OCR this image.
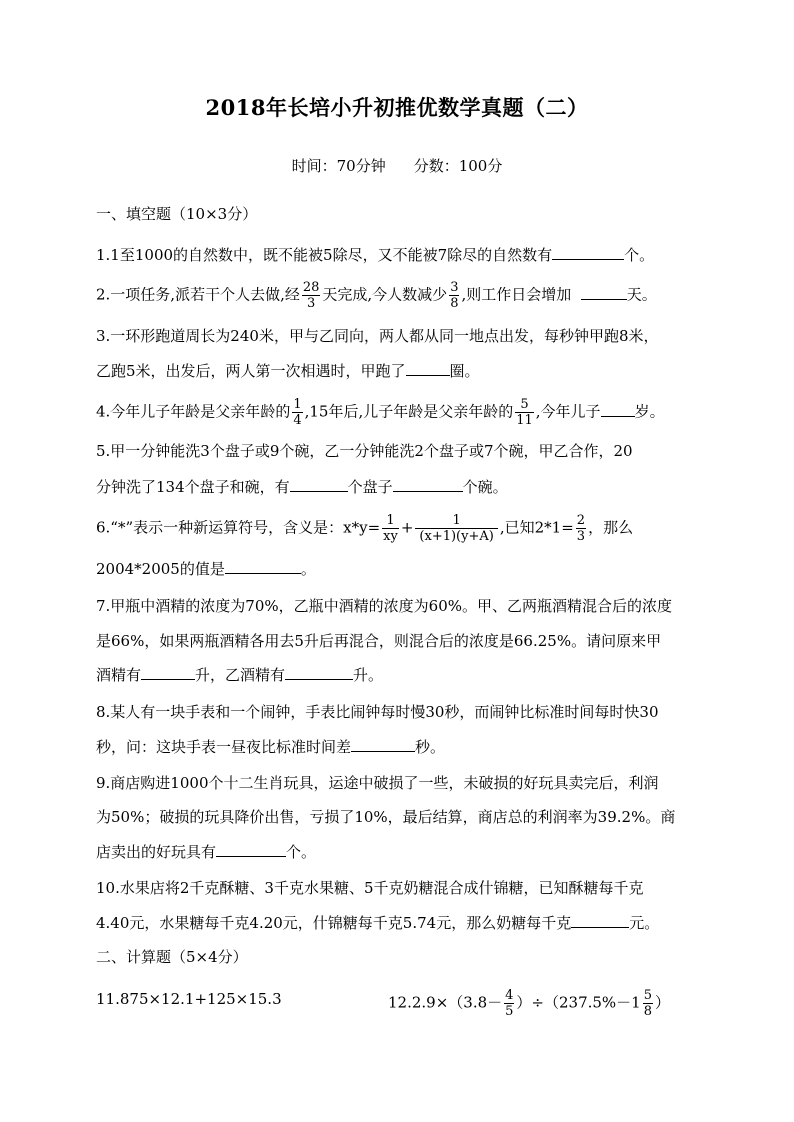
2018年长培小升初推优数学真题（二）
时间：70分钟 分数：100分
一、填空题（10×3分）
1.1至1000的自然数中，既不能被5除尽，又不能被7除尽的自然数有	个。
2.一项任务,派若干个人去做,经 $\frac{28}{3}$ 天完成,今人数减少 $\frac{3}{8}$ ,则工作日会增加	天。
3.一环形跑道周长为240米，甲与乙同向，两人都从同一地点出发，每秒钟甲跑8米，
乙跑5米，出发后，两人第一次相遇时，甲跑了	圈。
4.今年儿子年龄是父亲年龄的 $\frac{1}{4} ,15$年后,儿子年龄是父亲年龄的 $\frac{5}{11}$ ,今年儿子 岁。
5.甲一分钟能洗3个盘子或9个碗，乙一分钟能洗2个盘子或7个碗，甲乙合作，20
分钟洗了134个盘子和碗，有	个盘子	个碗。
6.“*”表示一种新运算符号，含义是：$x*y= \frac{1}{xy} + \frac{1}{(x+1)(y+A)}$ ,已知$2*1= \frac{2}{3}$ ，那么
2004*2005的值是	。
7.甲瓶中酒精的浓度为70%，乙瓶中酒精的浓度为60%。甲、乙两瓶酒精混合后的浓度
是66%，如果两瓶酒精各用去5升后再混合，则混合后的浓度是66.25%。请问原来甲
酒精有	升，乙酒精有	升。
8.某人有一块手表和一个闹钟，手表比闹钟每时慢30秒，而闹钟比标准时间每时快30
秒，问：这块手表一昼夜比标准时间差	秒。
9.商店购进1000个十二生肖玩具，运途中破损了一些，未破损的好玩具卖完后，利润
为50%；破损的玩具降价出售，亏损了10%，最后结算，商店总的利润率为39.2%。商
店卖出的好玩具有	个。
10.水果店将2千克酥糖、3千克水果糖、5千克奶糖混合成什锦糖，已知酥糖每千克
4.40元，水果糖每千克4.20元，什锦糖每千克5.74元，那么奶糖每千克	元。
二、计算题（5×4分）
11.875×12.1+125×15.3	$12.2.9\times(3.8- \frac{4}{5} )\div(237.5\%-1 \frac{5}{8}$ ）
